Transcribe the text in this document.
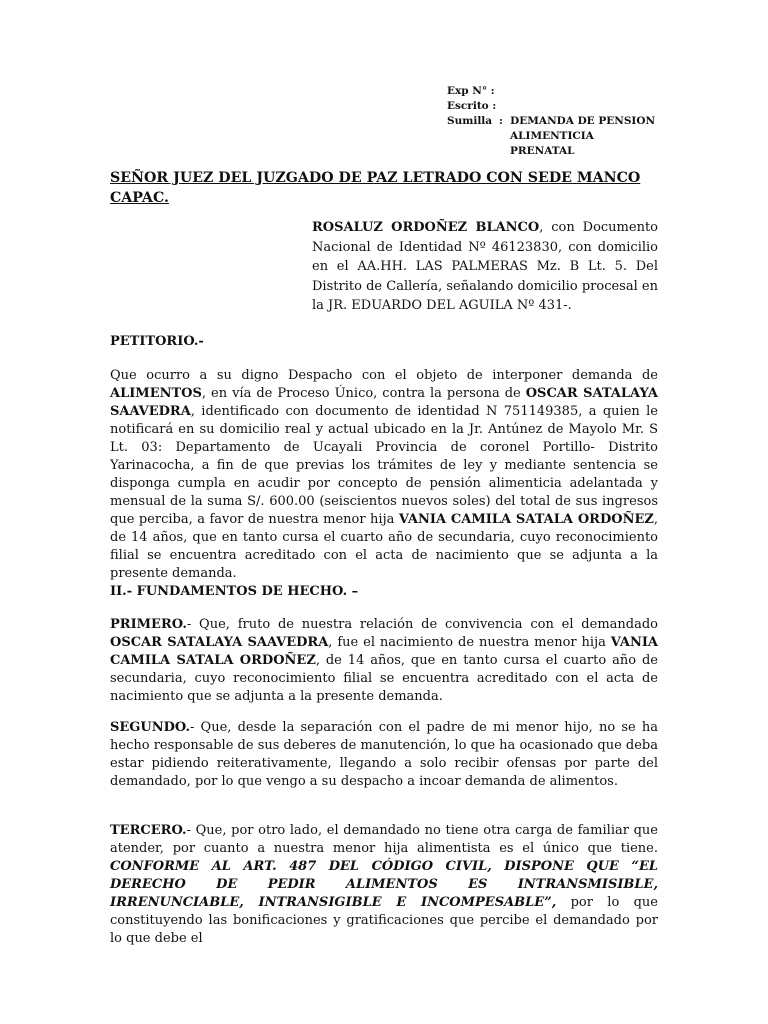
Exp N° :
Escrito :
Sumilla :  DEMANDA DE PENSION
ALIMENTICIA
PRENATAL
SEÑOR JUEZ DEL JUZGADO DE PAZ LETRADO CON SEDE MANCO CAPAC.
ROSALUZ ORDOÑEZ BLANCO, con Documento Nacional de Identidad Nº 46123830, con domicilio en el AA.HH. LAS PALMERAS Mz. B Lt. 5. Del Distrito de Callería, señalando domicilio procesal en la JR. EDUARDO DEL AGUILA Nº 431-.
PETITORIO.-
Que ocurro a su digno Despacho con el objeto de interponer demanda de ALIMENTOS, en vía de Proceso Único, contra la persona de OSCAR SATALAYA SAAVEDRA, identificado con documento de identidad N 751149385, a quien le notificará en su domicilio real y actual ubicado en la Jr. Antúnez de Mayolo Mr. S Lt. 03: Departamento de Ucayali Provincia de coronel Portillo- Distrito Yarinacocha, a fin de que previas los trámites de ley y mediante sentencia se disponga cumpla en acudir por concepto de pensión alimenticia adelantada y mensual de la suma S/. 600.00 (seiscientos nuevos soles) del total de sus ingresos que perciba, a favor de nuestra menor hija VANIA CAMILA SATALA ORDOÑEZ, de 14 años, que en tanto cursa el cuarto año de secundaria, cuyo reconocimiento filial se encuentra acreditado con el acta de nacimiento que se adjunta a la presente demanda.
II.- FUNDAMENTOS DE HECHO. –
PRIMERO.- Que, fruto de nuestra relación de convivencia con el demandado OSCAR SATALAYA SAAVEDRA, fue el nacimiento de nuestra menor hija VANIA CAMILA SATALA ORDOÑEZ, de 14 años, que en tanto cursa el cuarto año de secundaria, cuyo reconocimiento filial se encuentra acreditado con el acta de nacimiento que se adjunta a la presente demanda.
SEGUNDO.- Que, desde la separación con el padre de mi menor hijo, no se ha hecho responsable de sus deberes de manutención, lo que ha ocasionado que deba estar pidiendo reiterativamente, llegando a solo recibir ofensas por parte del demandado, por lo que vengo a su despacho a incoar demanda de alimentos.
TERCERO.- Que, por otro lado, el demandado no tiene otra carga de familiar que atender, por cuanto a nuestra menor hija alimentista es el único que tiene. CONFORME AL ART. 487 DEL CÓDIGO CIVIL, DISPONE QUE “EL DERECHO DE PEDIR ALIMENTOS ES INTRANSMISIBLE, IRRENUNCIABLE, INTRANSIGIBLE E INCOMPESABLE”, por lo que constituyendo las bonificaciones y gratificaciones que percibe el demandado por lo que debe el
